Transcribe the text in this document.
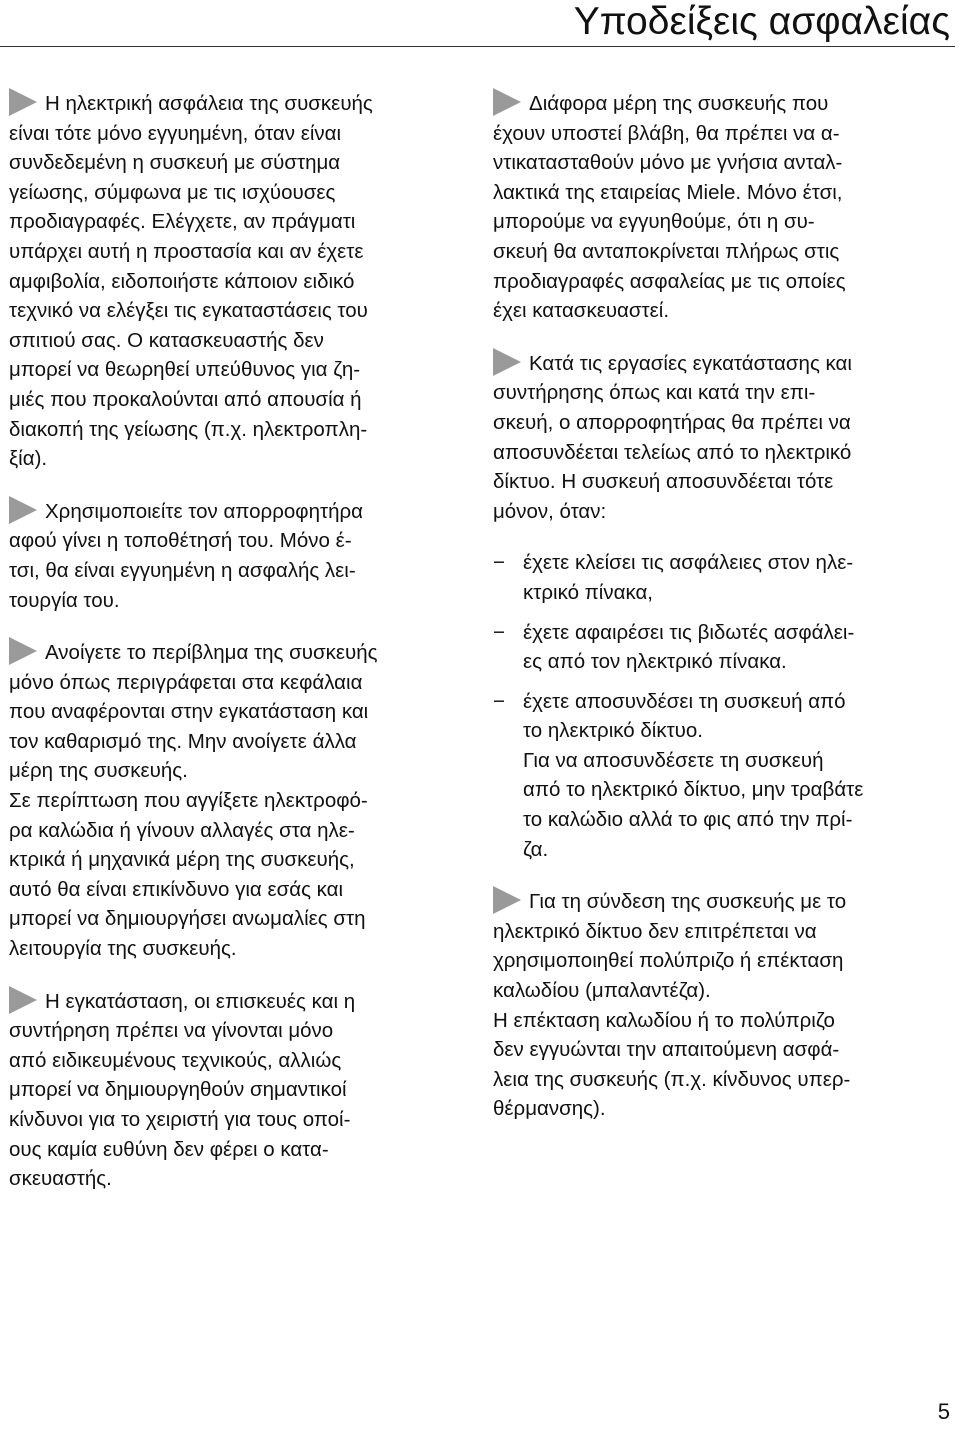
Υποδείξεις ασφαλείας

Η ηλεκτρική ασφάλεια της συσκευής
είναι τότε μόνο εγγυημένη, όταν είναι
συνδεδεμένη η συσκευή με σύστημα
γείωσης, σύμφωνα με τις ισχύουσες
προδιαγραφές. Ελέγχετε, αν πράγματι
υπάρχει αυτή η προστασία και αν έχετε
αμφιβολία, ειδοποιήστε κάποιον ειδικό
τεχνικό να ελέγξει τις εγκαταστάσεις του
σπιτιού σας. Ο κατασκευαστής δεν
μπορεί να θεωρηθεί υπεύθυνος για ζη-
μιές που προκαλούνται από απουσία ή
διακοπή της γείωσης (π.χ. ηλεκτροπλη-
ξία).

Χρησιμοποιείτε τον απορροφητήρα
αφού γίνει η τοποθέτησή του. Μόνο έ-
τσι, θα είναι εγγυημένη η ασφαλής λει-
τουργία του.

Ανοίγετε το περίβλημα της συσκευής
μόνο όπως περιγράφεται στα κεφάλαια
που αναφέρονται στην εγκατάσταση και
τον καθαρισμό της. Μην ανοίγετε άλλα
μέρη της συσκευής.
Σε περίπτωση που αγγίξετε ηλεκτροφό-
ρα καλώδια ή γίνουν αλλαγές στα ηλε-
κτρικά ή μηχανικά μέρη της συσκευής,
αυτό θα είναι επικίνδυνο για εσάς και
μπορεί να δημιουργήσει ανωμαλίες στη
λειτουργία της συσκευής.

Η εγκατάσταση, οι επισκευές και η
συντήρηση πρέπει να γίνονται μόνο
από ειδικευμένους τεχνικούς, αλλιώς
μπορεί να δημιουργηθούν σημαντικοί
κίνδυνοι για το χειριστή για τους οποί-
ους καμία ευθύνη δεν φέρει ο κατα-
σκευαστής.

Διάφορα μέρη της συσκευής που
έχουν υποστεί βλάβη, θα πρέπει να α-
ντικατασταθούν μόνο με γνήσια ανταλ-
λακτικά της εταιρείας Miele. Μόνο έτσι,
μπορούμε να εγγυηθούμε, ότι η συ-
σκευή θα ανταποκρίνεται πλήρως στις
προδιαγραφές ασφαλείας με τις οποίες
έχει κατασκευαστεί.

Κατά τις εργασίες εγκατάστασης και
συντήρησης όπως και κατά την επι-
σκευή, ο απορροφητήρας θα πρέπει να
αποσυνδέεται τελείως από το ηλεκτρικό
δίκτυο. Η συσκευή αποσυνδέεται τότε
μόνον, όταν:

− έχετε κλείσει τις ασφάλειες στον ηλε-
κτρικό πίνακα,
− έχετε αφαιρέσει τις βιδωτές ασφάλει-
ες από τον ηλεκτρικό πίνακα.
− έχετε αποσυνδέσει τη συσκευή από
το ηλεκτρικό δίκτυο.
Για να αποσυνδέσετε τη συσκευή
από το ηλεκτρικό δίκτυο, μην τραβάτε
το καλώδιο αλλά το φις από την πρί-
ζα.

Για τη σύνδεση της συσκευής με το
ηλεκτρικό δίκτυο δεν επιτρέπεται να
χρησιμοποιηθεί πολύπριζο ή επέκταση
καλωδίου (μπαλαντέζα).
Η επέκταση καλωδίου ή το πολύπριζο
δεν εγγυώνται την απαιτούμενη ασφά-
λεια της συσκευής (π.χ. κίνδυνος υπερ-
θέρμανσης).

5
